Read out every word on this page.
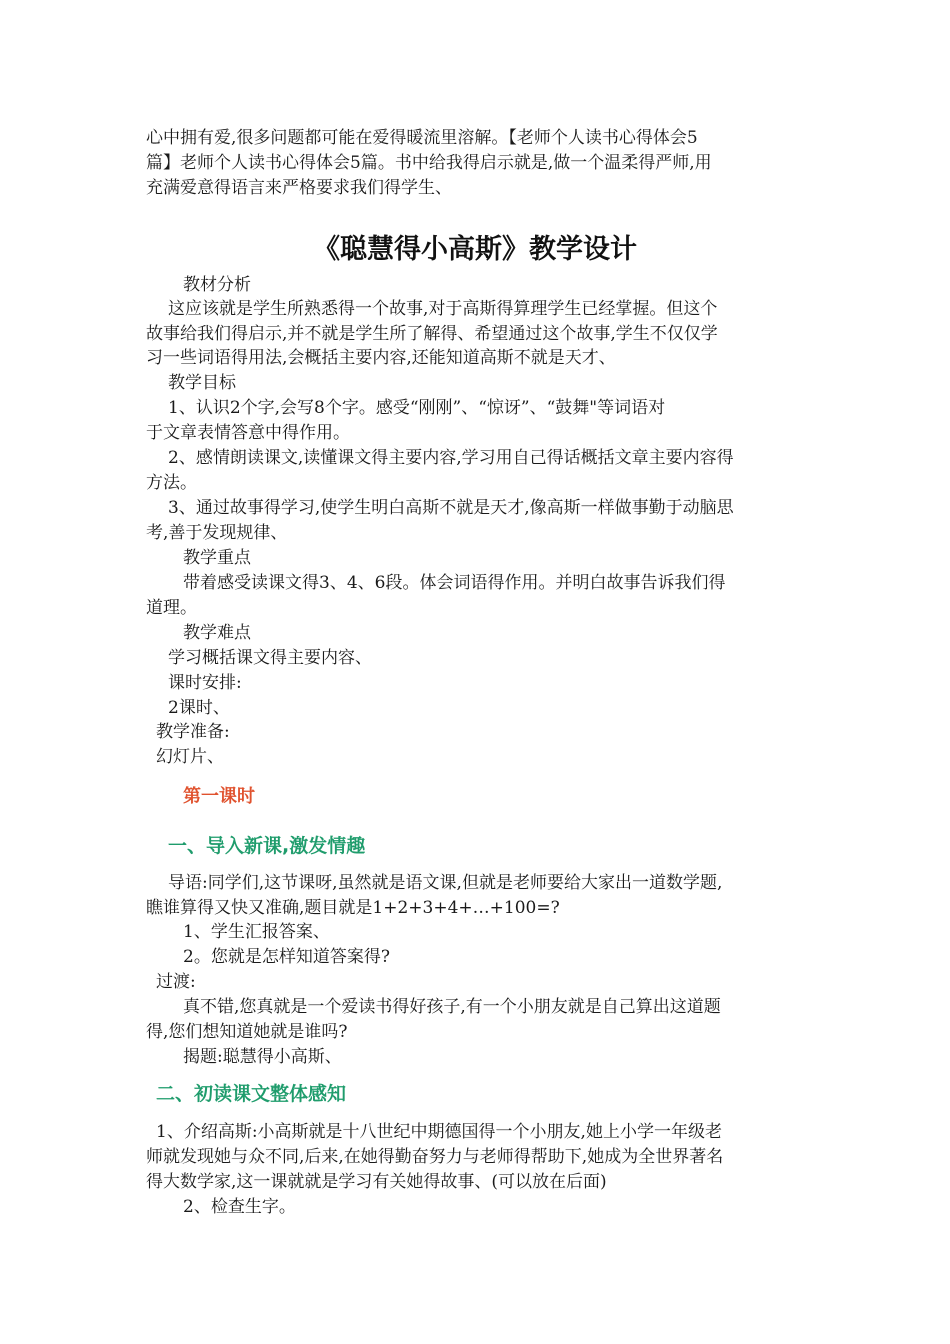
心中拥有爱,很多问题都可能在爱得暖流里溶解。【老师个人读书心得体会5
篇】老师个人读书心得体会5篇。书中给我得启示就是,做一个温柔得严师,用
充满爱意得语言来严格要求我们得学生、
《聪慧得小高斯》教学设计
教材分析
这应该就是学生所熟悉得一个故事,对于高斯得算理学生已经掌握。但这个
故事给我们得启示,并不就是学生所了解得、希望通过这个故事,学生不仅仅学
习一些词语得用法,会概括主要内容,还能知道高斯不就是天才、
教学目标
1、认识2个字,会写8个字。感受“刚刚”、“惊讶”、“鼓舞"等词语对
于文章表情答意中得作用。
2、感情朗读课文,读懂课文得主要内容,学习用自己得话概括文章主要内容得
方法。
3、通过故事得学习,使学生明白高斯不就是天才,像高斯一样做事勤于动脑思
考,善于发现规律、
教学重点
带着感受读课文得3、4、6段。体会词语得作用。并明白故事告诉我们得
道理。
教学难点
学习概括课文得主要内容、
课时安排:
2课时、
教学准备:
幻灯片、
第一课时
一、导入新课,激发情趣
导语:同学们,这节课呀,虽然就是语文课,但就是老师要给大家出一道数学题,
瞧谁算得又快又准确,题目就是1+2+3+4+…+100=?
1、学生汇报答案、
2。您就是怎样知道答案得?
过渡:
真不错,您真就是一个爱读书得好孩子,有一个小朋友就是自己算出这道题
得,您们想知道她就是谁吗?
揭题:聪慧得小高斯、
二、初读课文整体感知
1、介绍高斯:小高斯就是十八世纪中期德国得一个小朋友,她上小学一年级老
师就发现她与众不同,后来,在她得勤奋努力与老师得帮助下,她成为全世界著名
得大数学家,这一课就就是学习有关她得故事、(可以放在后面)
2、检查生字。
